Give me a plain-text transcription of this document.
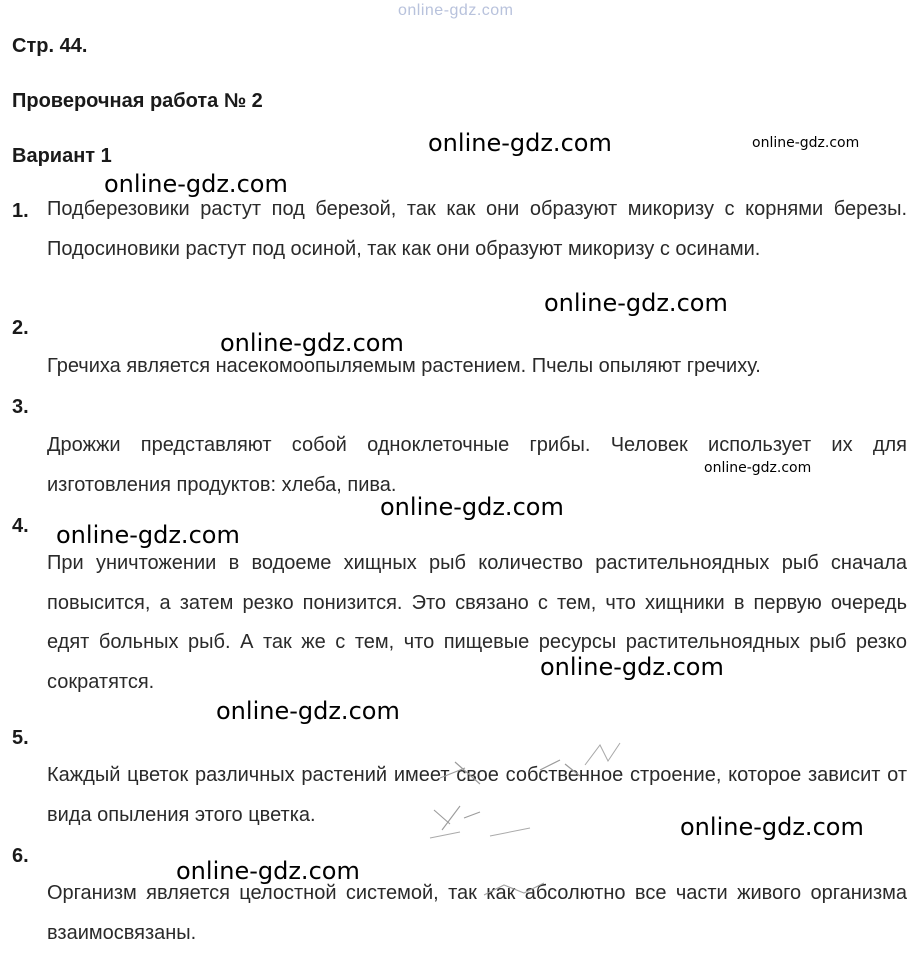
online-gdz.com
Стр. 44.
Проверочная работа № 2
Вариант 1
1. Подберезовики растут под березой, так как они образуют микоризу с корнями березы. Подосиновики растут под осиной, так как они образуют микоризу с осинами.
2.
Гречиха является насекомоопыляемым растением. Пчелы опыляют гречиху.
3.
Дрожжи представляют собой одноклеточные грибы. Человек использует их для изготовления продуктов: хлеба, пива.
4.
При уничтожении в водоеме хищных рыб количество растительноядных рыб сначала повысится, а затем резко понизится. Это связано с тем, что хищники в первую очередь едят больных рыб. А так же с тем, что пищевые ресурсы растительноядных рыб резко сократятся.
5.
Каждый цветок различных растений имеет свое собственное строение, которое зависит от вида опыления этого цветка.
6.
Организм является целостной системой, так как абсолютно все части живого организма взаимосвязаны.
online-gdz.com	online-gdz.com
online-gdz.com
online-gdz.com
online-gdz.com
online-gdz.com
online-gdz.com
online-gdz.com
online-gdz.com
online-gdz.com
online-gdz.com
online-gdz.com
